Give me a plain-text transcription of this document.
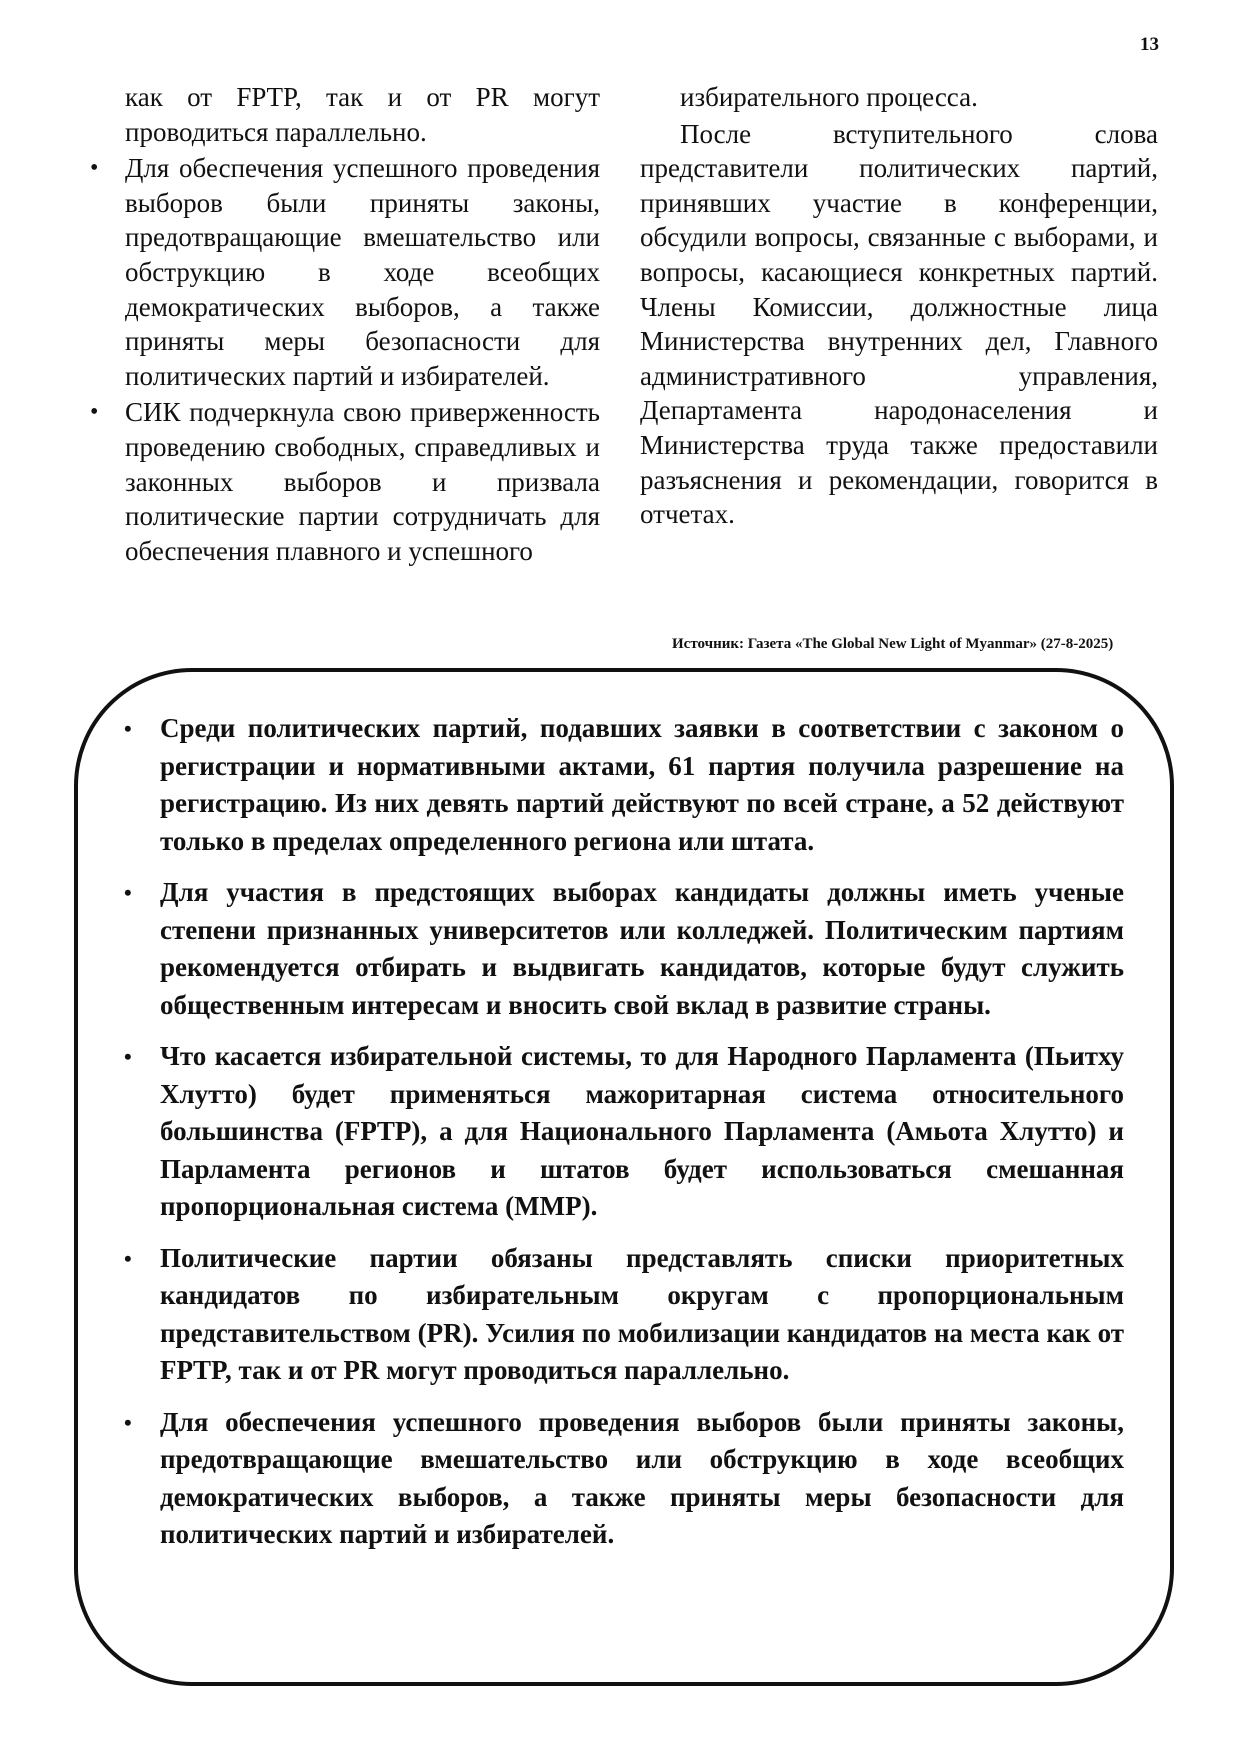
13

как от FPTP, так и от PR могут проводиться параллельно.

• Для обеспечения успешного проведения выборов были приняты законы, предотвращающие вмешательство или обструкцию в ходе всеобщих демократических выборов, а также приняты меры безопасности для политических партий и избирателей.
• СИК подчеркнула свою приверженность проведению свободных, справедливых и законных выборов и призвала политические партии сотрудничать для обеспечения плавного и успешного

избирательного процесса.

После вступительного слова представители политических партий, принявших участие в конференции, обсудили вопросы, связанные с выборами, и вопросы, касающиеся конкретных партий. Члены Комиссии, должностные лица Министерства внутренних дел, Главного административного управления, Департамента народонаселения и Министерства труда также предоставили разъяснения и рекомендации, говорится в отчетах.

Источник: Газета «The Global New Light of Myanmar» (27-8-2025)
• Среди политических партий, подавших заявки в соответствии с законом о регистрации и нормативными актами, 61 партия получила разрешение на регистрацию. Из них девять партий действуют по всей стране, а 52 действуют только в пределах определенного региона или штата.
• Для участия в предстоящих выборах кандидаты должны иметь ученые степени признанных университетов или колледжей. Политическим партиям рекомендуется отбирать и выдвигать кандидатов, которые будут служить общественным интересам и вносить свой вклад в развитие страны.
• Что касается избирательной системы, то для Народного Парламента (Пьитху Хлутто) будет применяться мажоритарная система относительного большинства (FPTP), а для Национального Парламента (Амьота Хлутто) и Парламента регионов и штатов будет использоваться смешанная пропорциональная система (MMP).
• Политические партии обязаны представлять списки приоритетных кандидатов по избирательным округам с пропорциональным представительством (PR). Усилия по мобилизации кандидатов на места как от FPTP, так и от PR могут проводиться параллельно.
• Для обеспечения успешного проведения выборов были приняты законы, предотвращающие вмешательство или обструкцию в ходе всеобщих демократических выборов, а также приняты меры безопасности для политических партий и избирателей.
